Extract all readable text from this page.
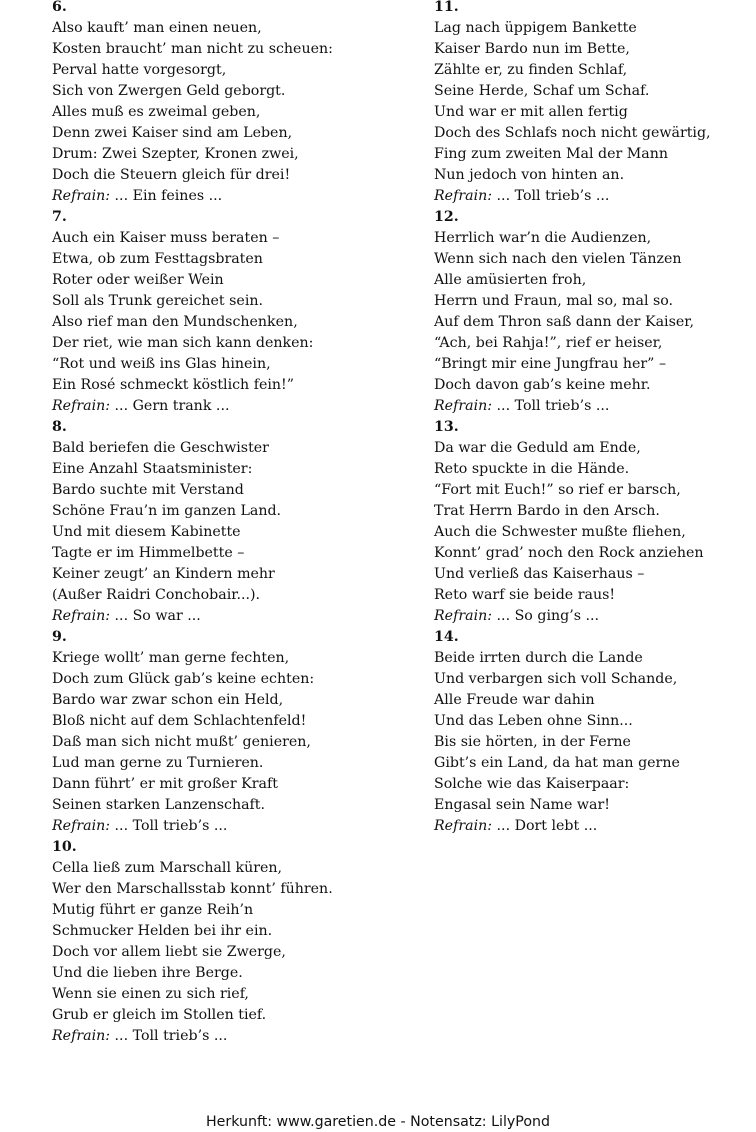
6.
Also kauft’ man einen neuen,
Kosten braucht’ man nicht zu scheuen:
Perval hatte vorgesorgt,
Sich von Zwergen Geld geborgt.
Alles muß es zweimal geben,
Denn zwei Kaiser sind am Leben,
Drum: Zwei Szepter, Kronen zwei,
Doch die Steuern gleich für drei!
Refrain: ... Ein feines ...
7.
Auch ein Kaiser muss beraten –
Etwa, ob zum Festtagsbraten
Roter oder weißer Wein
Soll als Trunk gereichet sein.
Also rief man den Mundschenken,
Der riet, wie man sich kann denken:
“Rot und weiß ins Glas hinein,
Ein Rosé schmeckt köstlich fein!”
Refrain: ... Gern trank ...
8.
Bald beriefen die Geschwister
Eine Anzahl Staatsminister:
Bardo suchte mit Verstand
Schöne Frau’n im ganzen Land.
Und mit diesem Kabinette
Tagte er im Himmelbette –
Keiner zeugt’ an Kindern mehr
(Außer Raidri Conchobair...).
Refrain: ... So war ...
9.
Kriege wollt’ man gerne fechten,
Doch zum Glück gab’s keine echten:
Bardo war zwar schon ein Held,
Bloß nicht auf dem Schlachtenfeld!
Daß man sich nicht mußt’ genieren,
Lud man gerne zu Turnieren.
Dann führt’ er mit großer Kraft
Seinen starken Lanzenschaft.
Refrain: ... Toll trieb’s ...
10.
Cella ließ zum Marschall küren,
Wer den Marschallsstab konnt’ führen.
Mutig führt er ganze Reih’n
Schmucker Helden bei ihr ein.
Doch vor allem liebt sie Zwerge,
Und die lieben ihre Berge.
Wenn sie einen zu sich rief,
Grub er gleich im Stollen tief.
Refrain: ... Toll trieb’s ...
11.
Lag nach üppigem Bankette
Kaiser Bardo nun im Bette,
Zählte er, zu finden Schlaf,
Seine Herde, Schaf um Schaf.
Und war er mit allen fertig
Doch des Schlafs noch nicht gewärtig,
Fing zum zweiten Mal der Mann
Nun jedoch von hinten an.
Refrain: ... Toll trieb’s ...
12.
Herrlich war’n die Audienzen,
Wenn sich nach den vielen Tänzen
Alle amüsierten froh,
Herrn und Fraun, mal so, mal so.
Auf dem Thron saß dann der Kaiser,
“Ach, bei Rahja!”, rief er heiser,
“Bringt mir eine Jungfrau her” –
Doch davon gab’s keine mehr.
Refrain: ... Toll trieb’s ...
13.
Da war die Geduld am Ende,
Reto spuckte in die Hände.
“Fort mit Euch!” so rief er barsch,
Trat Herrn Bardo in den Arsch.
Auch die Schwester mußte fliehen,
Konnt’ grad’ noch den Rock anziehen
Und verließ das Kaiserhaus –
Reto warf sie beide raus!
Refrain: ... So ging’s ...
14.
Beide irrten durch die Lande
Und verbargen sich voll Schande,
Alle Freude war dahin
Und das Leben ohne Sinn...
Bis sie hörten, in der Ferne
Gibt’s ein Land, da hat man gerne
Solche wie das Kaiserpaar:
Engasal sein Name war!
Refrain: ... Dort lebt ...
Herkunft: www.garetien.de - Notensatz: LilyPond
